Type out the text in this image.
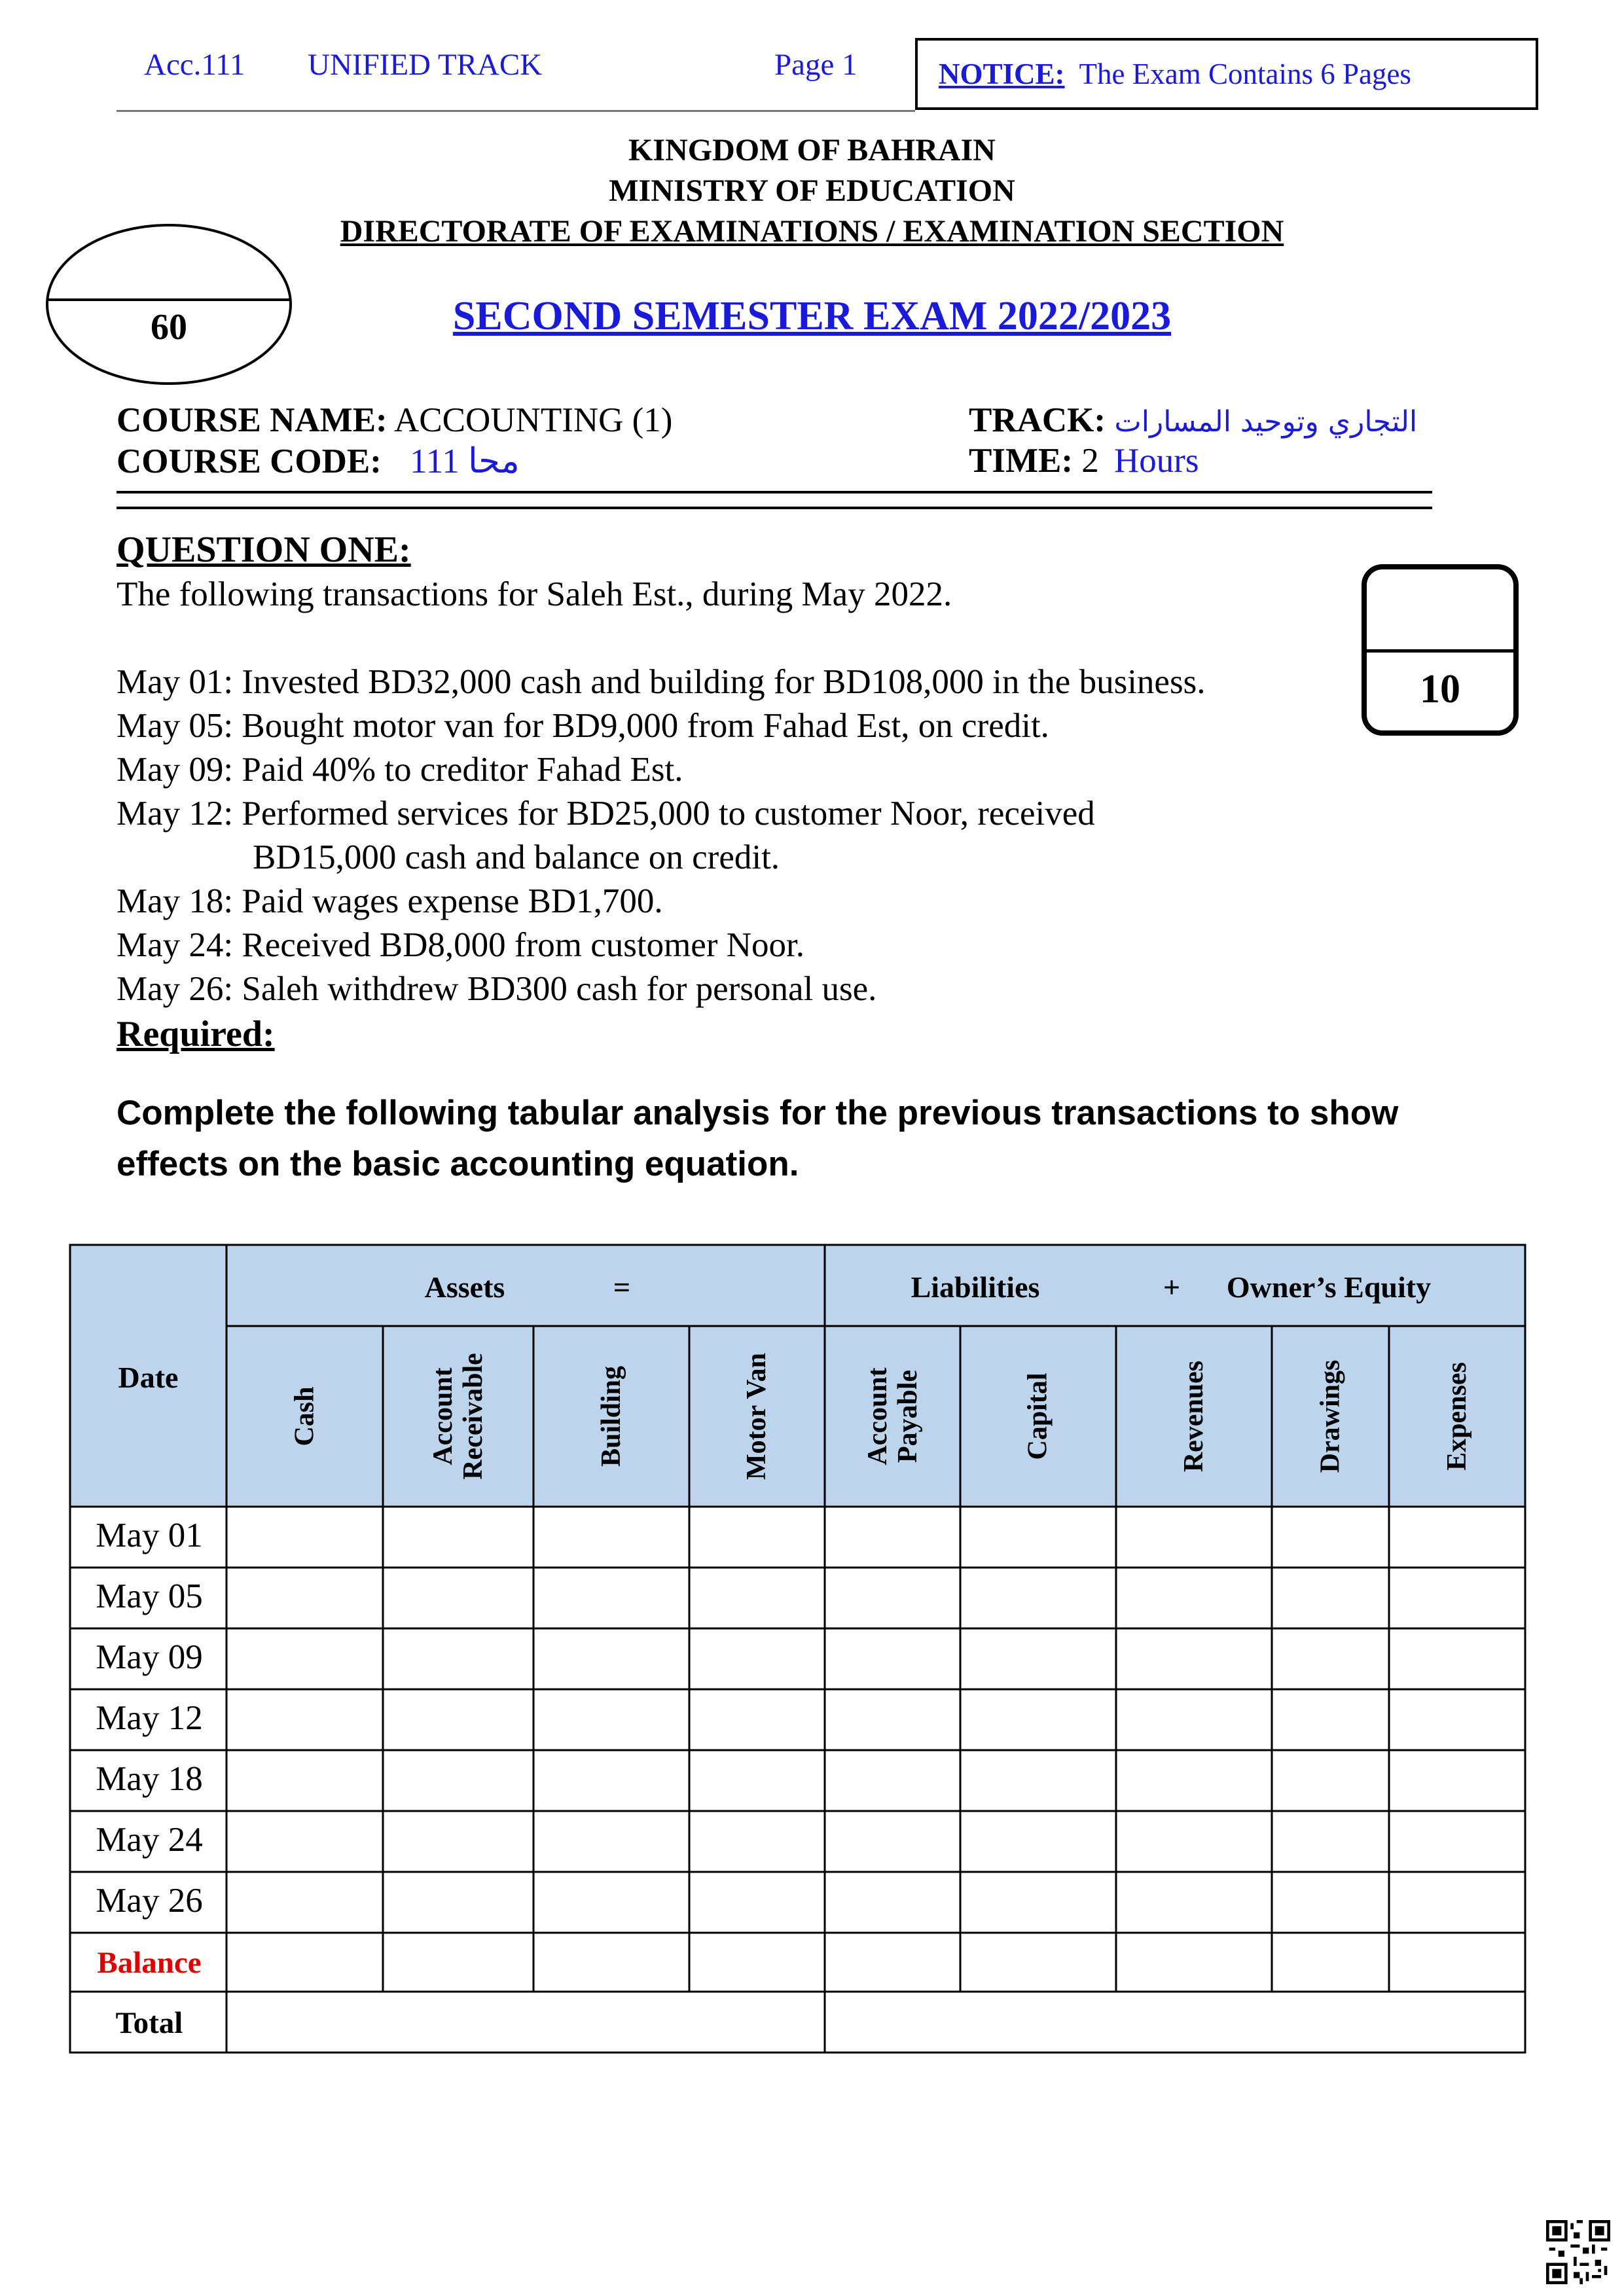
Acc.111 UNIFIED TRACK	Page 1	NOTICE: The Exam Contains 6 Pages
KINGDOM OF BAHRAIN
MINISTRY OF EDUCATION
DIRECTORATE OF EXAMINATIONS / EXAMINATION SECTION
60	SECOND SEMESTER EXAM 2022/2023
COURSE NAME: ACCOUNTING (1)
COURSE CODE: 111 محا
TRACK: التجاري وتوحيد المسارات
TIME: 2 Hours
QUESTION ONE:
The following transactions for Saleh Est., during May 2022.
10
May 01: Invested BD32,000 cash and building for BD108,000 in the business.
May 05: Bought motor van for BD9,000 from Fahad Est, on credit.
May 09: Paid 40% to creditor Fahad Est.
May 12: Performed services for BD25,000 to customer Noor, received
BD15,000 cash and balance on credit.
May 18: Paid wages expense BD1,700.
May 24: Received BD8,000 from customer Noor.
May 26: Saleh withdrew BD300 cash for personal use.
Required:
Complete the following tabular analysis for the previous transactions to show effects on the basic accounting equation.
Date
Assets	=	Liabilities	+	Owner’s Equity
Cash	Account Receivable	Building	Motor Van	Account Payable	Capital	Revenues	Drawings	Expenses
May 01
May 05
May 09
May 12
May 18
May 24
May 26
Balance
Total
